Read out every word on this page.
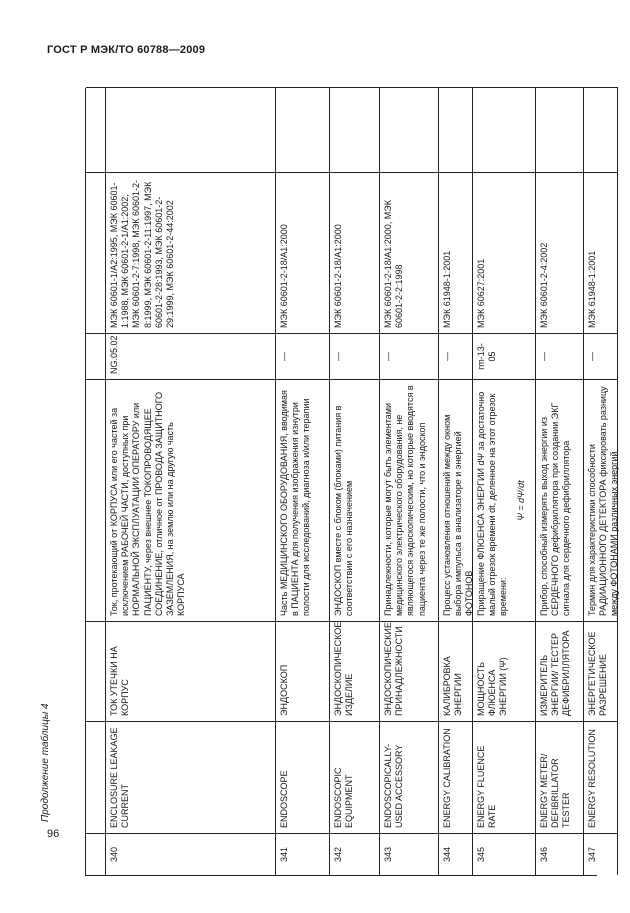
ГОСТ Р МЭК/ТО 60788—2009
Продолжение таблицы 4
96
340
ENCLOSURE LEAKAGE CURRENT
ТОК УТЕЧКИ НА КОРПУС
Ток, протекающий от КОРПУСА или его частей за исключением РАБОЧЕЙ ЧАСТИ, доступных при НОРМАЛЬНОЙ ЭКСПЛУАТАЦИИ ОПЕРАТОРУ или ПАЦИЕНТУ, через внешнее ТОКОПРОВОДЯЩЕЕ СОЕДИНЕНИЕ, отличное от ПРОВОДА ЗАЩИТНОГО ЗАЗЕМЛЕНИЯ, на землю или на другую часть КОРПУСА
NG.05.02
МЭК 60601-1/А2:1995, МЭК 60601-1:1988, МЭК 60601-2-1/А1:2002, МЭК 60601-2-7:1998, МЭК 60601-2-8:1999, МЭК 60601-2-11:1997, МЭК 60601-2-28:1993, МЭК 60601-2-29:1999, МЭК 60601-2-44:2002
341
ENDOSCOPE
ЭНДОСКОП
Часть МЕДИЦИНСКОГО ОБОРУДОВАНИЯ, вводимая в ПАЦИЕНТА для получения изображения изнутри полости для исследований, диагноза и/или терапии
—
МЭК 60601-2-18/А1:2000
342
ENDOSCOPIC EQUIPMENT
ЭНДОСКОПИЧЕСКОЕ ИЗДЕЛИЕ
ЭНДОСКОП вместе с блоком (блоками) питания в соответствии с его назначением
—
МЭК 60601-2-18/А1:2000
343
ENDOSCOPICALLY-USED ACCESSORY
ЭНДОСКОПИЧЕСКИЕ ПРИНАДЛЕЖНОСТИ
Принадлежности, которые могут быть элементами медицинского электрического оборудования, не являющегося эндоскопическим, но которые вводятся в пациента через те же полости, что и эндоскоп
—
МЭК 60601-2-18/А1:2000, МЭК 60601-2-2:1998
344
ENERGY CALIBRATION
КАЛИБРОВКА ЭНЕРГИИ
Процесс установления отношений между окном выбора импульса в анализаторе и энергией ФОТОНОВ
—
МЭК 61948-1:2001
345
ENERGY FLUENCE RATE
МОЩНОСТЬ ФЛЮЕНСА ЭНЕРГИИ (Ψ)
Приращение ФЛЮЕНСА ЭНЕРГИИ dΨ за достаточно малый отрезок времени dt, деленное на этот отрезок времени:
Ψ = dΨ/dt
rm-13-05
МЭК 60627:2001
346
ENERGY METER/ DEFIBRILLATOR TESTER
ИЗМЕРИТЕЛЬ ЭНЕРГИИ/ ТЕСТЕР ДЕФИБРИЛЛЯТОРА
Прибор, способный измерять выход энергии из СЕРДЕЧНОГО дефибриллятора при создании ЭКГ сигнала для сердечного дефибриллятора
—
МЭК 60601-2-4:2002
347
ENERGY RESOLUTION
ЭНЕРГЕТИЧЕСКОЕ РАЗРЕШЕНИЕ
Термин для характеристики способности РАДИАЦИОННОГО ДЕТЕКТОРА фиксировать разницу между ФОТОНАМИ различных энергий
—
МЭК 61948-1:2001
